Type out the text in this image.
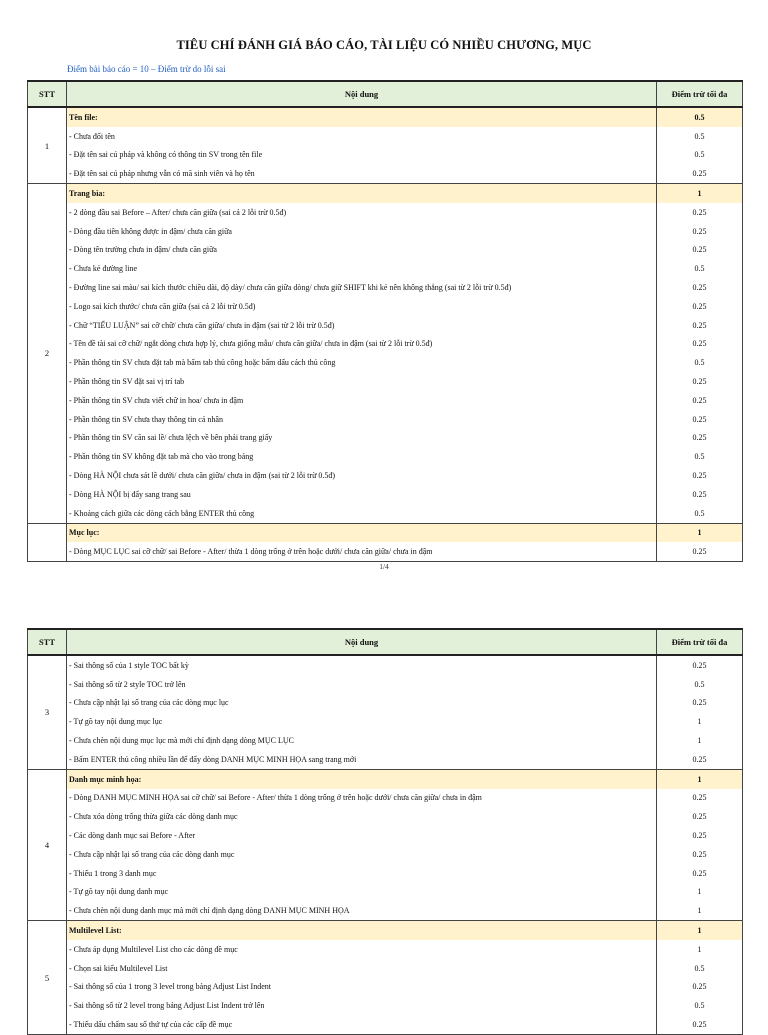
TIÊU CHÍ ĐÁNH GIÁ BÁO CÁO, TÀI LIỆU CÓ NHIỀU CHƯƠNG, MỤC
Điểm bài báo cáo = 10 – Điểm trừ do lỗi sai
STT	Nội dung	Điểm trừ tối đa
1	Tên file:	0.5
	- Chưa đổi tên	0.5
	- Đặt tên sai cú pháp và không có thông tin SV trong tên file	0.5
	- Đặt tên sai cú pháp nhưng vẫn có mã sinh viên và họ tên	0.25
2	Trang bìa:	1
	- 2 dòng đầu sai Before – After/ chưa căn giữa (sai cả 2 lỗi trừ 0.5đ)	0.25
	- Dòng đầu tiên không được in đậm/ chưa căn giữa	0.25
	- Dòng tên trường chưa in đậm/ chưa căn giữa	0.25
	- Chưa kẻ đường line	0.5
	- Đường line sai màu/ sai kích thước chiều dài, độ dày/ chưa căn giữa dòng/ chưa giữ SHIFT khi kẻ nên không thẳng (sai từ 2 lỗi trừ 0.5đ)	0.25
	- Logo sai kích thước/ chưa căn giữa (sai cả 2 lỗi trừ 0.5đ)	0.25
	- Chữ “TIỂU LUẬN” sai cỡ chữ/ chưa căn giữa/ chưa in đậm (sai từ 2 lỗi trừ 0.5đ)	0.25
	- Tên đề tài sai cỡ chữ/ ngắt dòng chưa hợp lý, chưa giống mẫu/ chưa căn giữa/ chưa in đậm (sai từ 2 lỗi trừ 0.5đ)	0.25
	- Phần thông tin SV chưa đặt tab mà bấm tab thủ công hoặc bấm dấu cách thủ công	0.5
	- Phần thông tin SV đặt sai vị trí tab	0.25
	- Phần thông tin SV chưa viết chữ in hoa/ chưa in đậm	0.25
	- Phần thông tin SV chưa thay thông tin cá nhân	0.25
	- Phần thông tin SV căn sai lề/ chưa lệch về bên phải trang giấy	0.25
	- Phần thông tin SV không đặt tab mà cho vào trong bảng	0.5
	- Dòng HÀ NỘI chưa sát lề dưới/ chưa căn giữa/ chưa in đậm (sai từ 2 lỗi trừ 0.5đ)	0.25
	- Dòng HÀ NỘI bị đẩy sang trang sau	0.25
	- Khoảng cách giữa các dòng cách bằng ENTER thủ công	0.5
	Mục lục:	1
	- Dòng MỤC LỤC sai cỡ chữ/ sai Before - After/ thừa 1 dòng trống ở trên hoặc dưới/ chưa căn giữa/ chưa in đậm	0.25
1/4
STT	Nội dung	Điểm trừ tối đa
3	- Sai thông số của 1 style TOC bất kỳ	0.25
	- Sai thông số từ 2 style TOC trở lên	0.5
	- Chưa cập nhật lại số trang của các dòng mục lục	0.25
	- Tự gõ tay nội dung mục lục	1
	- Chưa chèn nội dung mục lục mà mới chỉ định dạng dòng MỤC LỤC	1
	- Bấm ENTER thủ công nhiều lần để đẩy dòng DANH MỤC MINH HỌA sang trang mới	0.25
4	Danh mục minh họa:	1
	- Dòng DANH MỤC MINH HỌA sai cỡ chữ/ sai Before - After/ thừa 1 dòng trống ở trên hoặc dưới/ chưa căn giữa/ chưa in đậm	0.25
	- Chưa xóa dòng trống thừa giữa các dòng danh mục	0.25
	- Các dòng danh mục sai Before - After	0.25
	- Chưa cập nhật lại số trang của các dòng danh mục	0.25
	- Thiếu 1 trong 3 danh mục	0.25
	- Tự gõ tay nội dung danh mục	1
	- Chưa chèn nội dung danh mục mà mới chỉ định dạng dòng DANH MỤC MINH HỌA	1
5	Multilevel List:	1
	- Chưa áp dụng Multilevel List cho các dòng đề mục	1
	- Chọn sai kiểu Multilevel List	0.5
	- Sai thông số của 1 trong 3 level trong bảng Adjust List Indent	0.25
	- Sai thông số từ 2 level trong bảng Adjust List Indent trở lên	0.5
	- Thiếu dấu chấm sau số thứ tự của các cấp đề mục	0.25
